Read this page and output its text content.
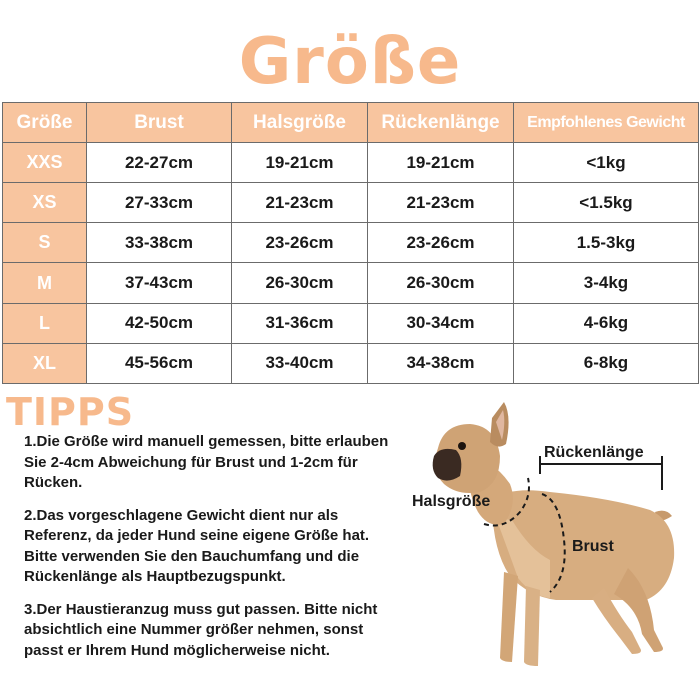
Größe
Größe	Brust	Halsgröße	Rückenlänge	Empfohlenes Gewicht
XXS	22-27cm	19-21cm	19-21cm	<1kg
XS	27-33cm	21-23cm	21-23cm	<1.5kg
S	33-38cm	23-26cm	23-26cm	1.5-3kg
M	37-43cm	26-30cm	26-30cm	3-4kg
L	42-50cm	31-36cm	30-34cm	4-6kg
XL	45-56cm	33-40cm	34-38cm	6-8kg
TIPPS

1.Die Größe wird manuell gemessen, bitte erlauben Sie 2-4cm Abweichung für Brust und 1-2cm für Rücken.

2.Das vorgeschlagene Gewicht dient nur als Referenz, da jeder Hund seine eigene Größe hat. Bitte verwenden Sie den Bauchumfang und die Rückenlänge als Hauptbezugspunkt.

3.Der Haustieranzug muss gut passen. Bitte nicht absichtlich eine Nummer größer nehmen, sonst passt er Ihrem Hund möglicherweise nicht.

Rückenlänge
Halsgröße
Brust
